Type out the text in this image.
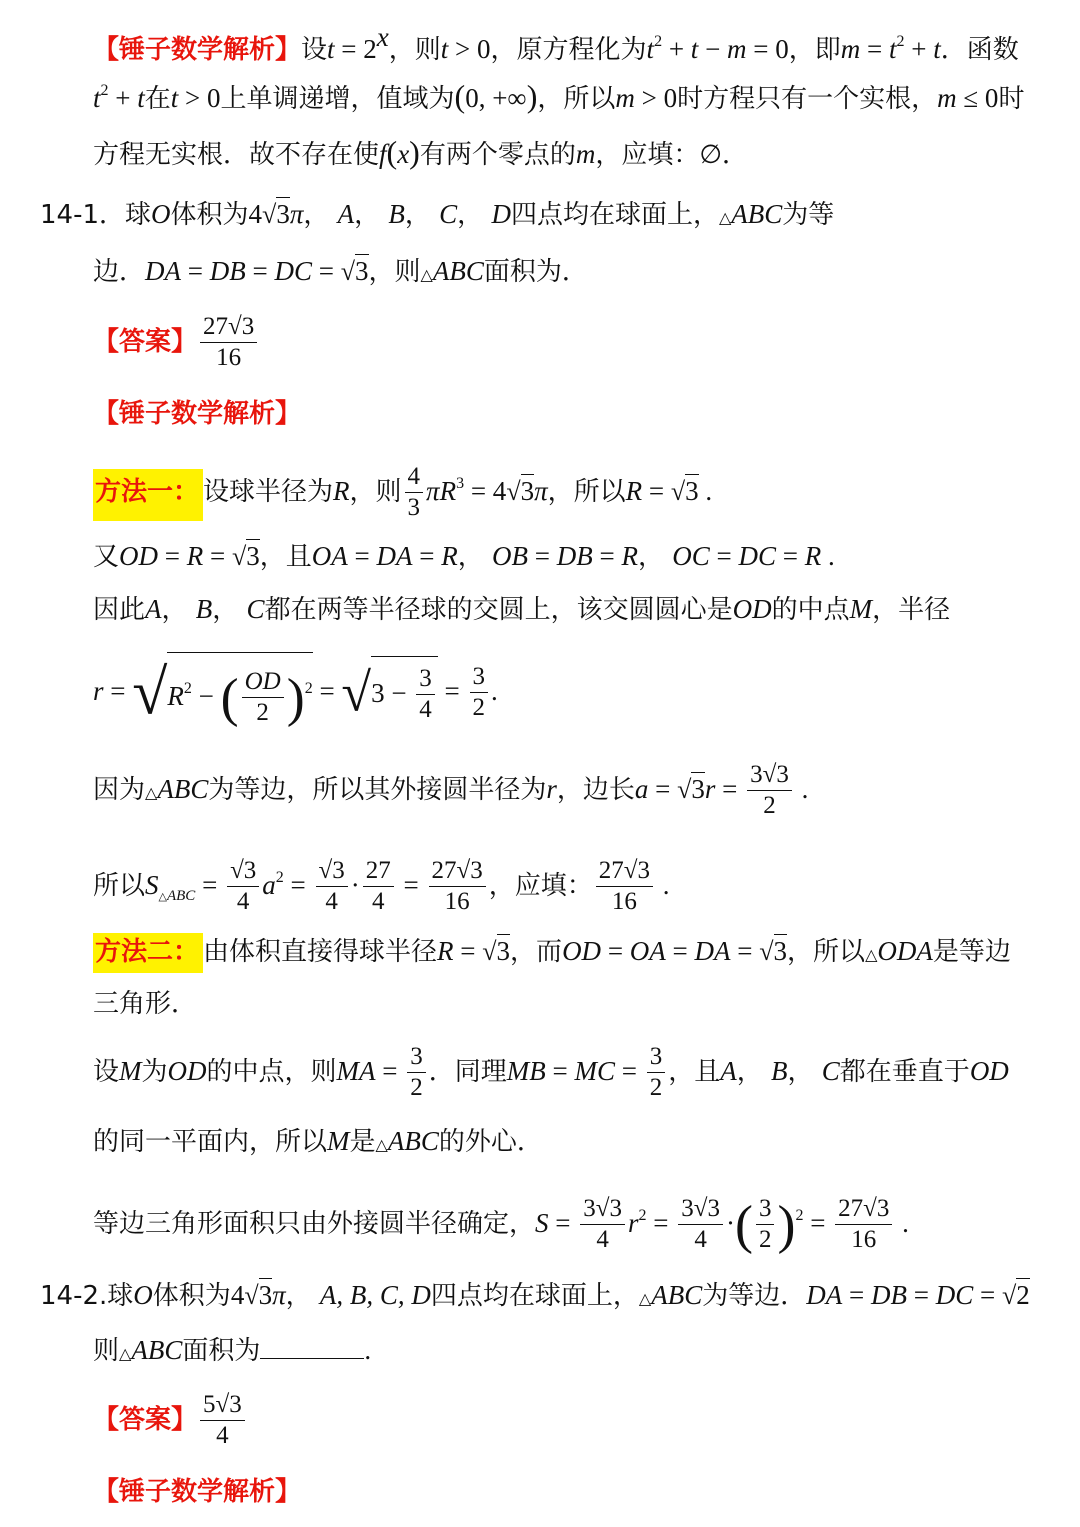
【锤子数学解析】设$t = 2^x$，则t > 0，原方程化为$t^2 + t - m = 0$，即$m = t^2 + t$．函数
$t^2 + t$在t > 0上单调递增，值域为(0, +∞)，所以m > 0时方程只有一个实根，m ≤ 0时
方程无实根．故不存在使f(x)有两个零点的m，应填：∅．
14-1．球O体积为4√3π， A， B， C， D四点均在球面上，△ABC为等
边．DA = DB = DC = √3，则△ABC面积为．
【答案】 $\frac{27√3}{16}$
【锤子数学解析】
方法一： 设球半径为R，则 $\frac{4}{3} \pi R^3 = 4√3\pi$，所以R = √3 .
又OD = R = √3，且OA = DA = R， OB = DB = R， OC = DC = R .
因此A， B， C都在两等半径球的交圆上，该交圆圆心是OD的中点M，半径
$r = √R^2$ − ( $\frac{OD}{2} )^2 = √3 - \frac{3}{4} = \frac{3}{2}$ .
因为△ABC为等边，所以其外接圆半径为r，边长$a = √3r = \frac{3√3}{2}$ .
所以$S_{\triangle ABC} = \frac{√3}{4} a^2 = \frac{√3}{4} \cdot \frac{27}{4} = \frac{27√3}{16}$ ，应填： $\frac{27√3}{16}$ .
方法二： 由体积直接得球半径R = √3，而OD = OA = DA = √3，所以△ODA是等边
三角形．
设M为OD的中点，则MA = $\frac{3}{2}$ ．同理MB = MC = $\frac{3}{2}$ ，且A， B， C都在垂直于OD
的同一平面内，所以M是△ABC的外心．
等边三角形面积只由外接圆半径确定，$S = \frac{3√3}{4} r^2 = \frac{3√3}{4}$ ·( $\frac{3}{2} )^2 = \frac{27√3}{16}$ .
14-2.球O体积为4√3π， A, B, C, D四点均在球面上，△ABC为等边．DA = DB = DC = √2
则△ABC面积为	.
【答案】 $\frac{5√3}{4}$
【锤子数学解析】
